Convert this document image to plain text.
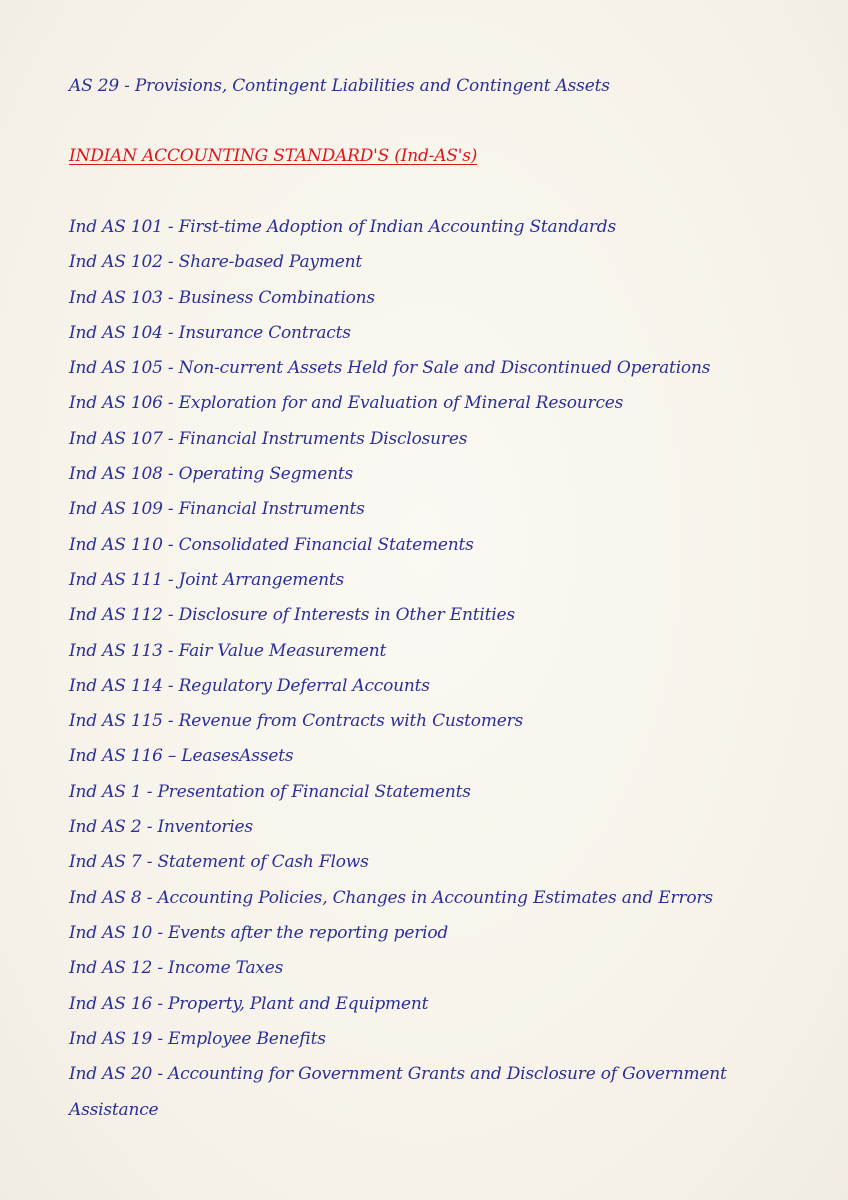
AS 29 - Provisions, Contingent Liabilities and Contingent Assets

INDIAN ACCOUNTING STANDARD'S (Ind-AS's)

Ind AS 101 - First-time Adoption of Indian Accounting Standards
Ind AS 102 - Share-based Payment
Ind AS 103 - Business Combinations
Ind AS 104 - Insurance Contracts
Ind AS 105 - Non-current Assets Held for Sale and Discontinued Operations
Ind AS 106 - Exploration for and Evaluation of Mineral Resources
Ind AS 107 - Financial Instruments Disclosures
Ind AS 108 - Operating Segments
Ind AS 109 - Financial Instruments
Ind AS 110 - Consolidated Financial Statements
Ind AS 111 - Joint Arrangements
Ind AS 112 - Disclosure of Interests in Other Entities
Ind AS 113 - Fair Value Measurement
Ind AS 114 - Regulatory Deferral Accounts
Ind AS 115 - Revenue from Contracts with Customers
Ind AS 116 – LeasesAssets
Ind AS 1 - Presentation of Financial Statements
Ind AS 2 - Inventories
Ind AS 7 - Statement of Cash Flows
Ind AS 8 - Accounting Policies, Changes in Accounting Estimates and Errors
Ind AS 10 - Events after the reporting period
Ind AS 12 - Income Taxes
Ind AS 16 - Property, Plant and Equipment
Ind AS 19 - Employee Benefits
Ind AS 20 - Accounting for Government Grants and Disclosure of Government Assistance
